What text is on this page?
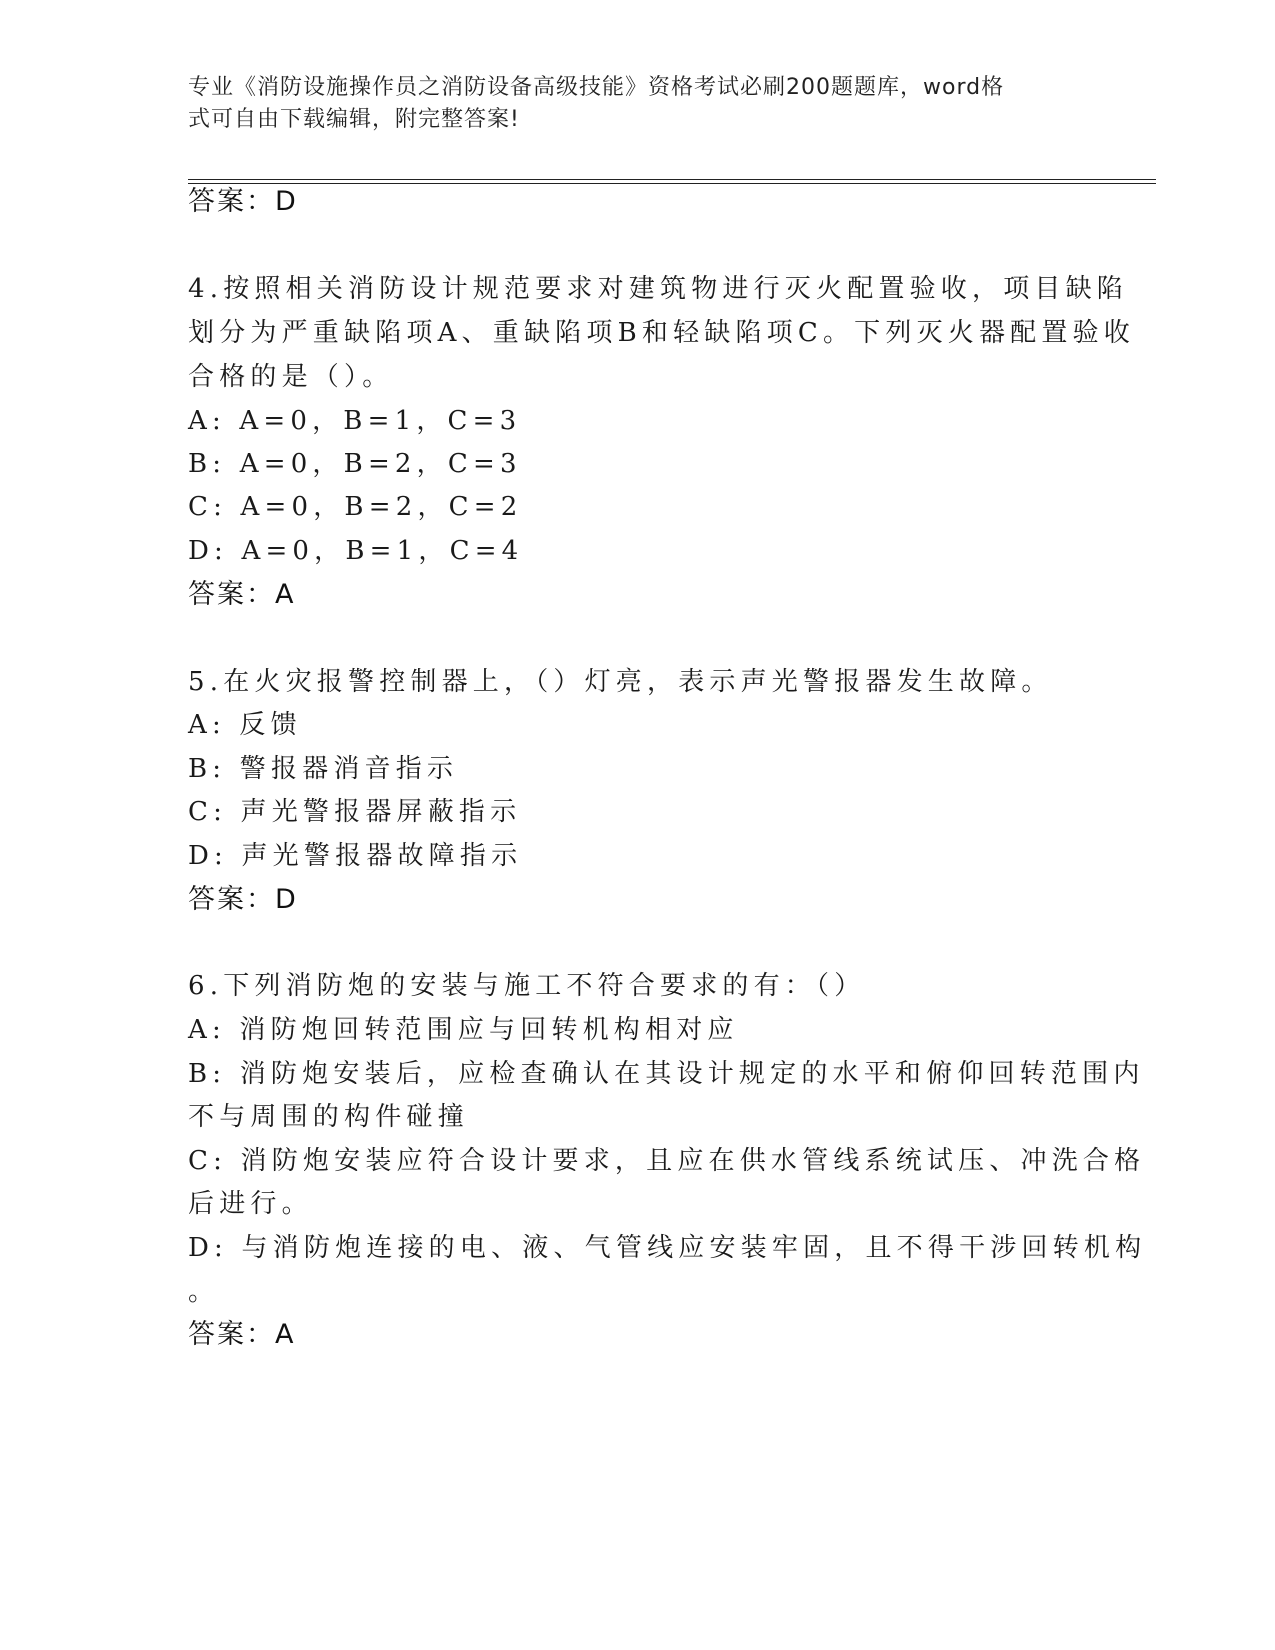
专业《消防设施操作员之消防设备高级技能》资格考试必刷200题题库，word格
式可自由下载编辑，附完整答案!
答案：D
4.按照相关消防设计规范要求对建筑物进行灭火配置验收，项目缺陷
划分为严重缺陷项A、重缺陷项B和轻缺陷项C。下列灭火器配置验收
合格的是（）。
A: A=0，B=1，C=3
B: A=0，B=2，C=3
C: A=0，B=2，C=2
D: A=0，B=1，C=4
答案：A
5.在火灾报警控制器上，（）灯亮，表示声光警报器发生故障。
A: 反馈
B: 警报器消音指示
C: 声光警报器屏蔽指示
D: 声光警报器故障指示
答案：D
6.下列消防炮的安装与施工不符合要求的有：（）
A: 消防炮回转范围应与回转机构相对应
B: 消防炮安装后，应检查确认在其设计规定的水平和俯仰回转范围内
不与周围的构件碰撞
C: 消防炮安装应符合设计要求，且应在供水管线系统试压、冲洗合格
后进行。
D: 与消防炮连接的电、液、气管线应安装牢固，且不得干涉回转机构
。
答案：A
